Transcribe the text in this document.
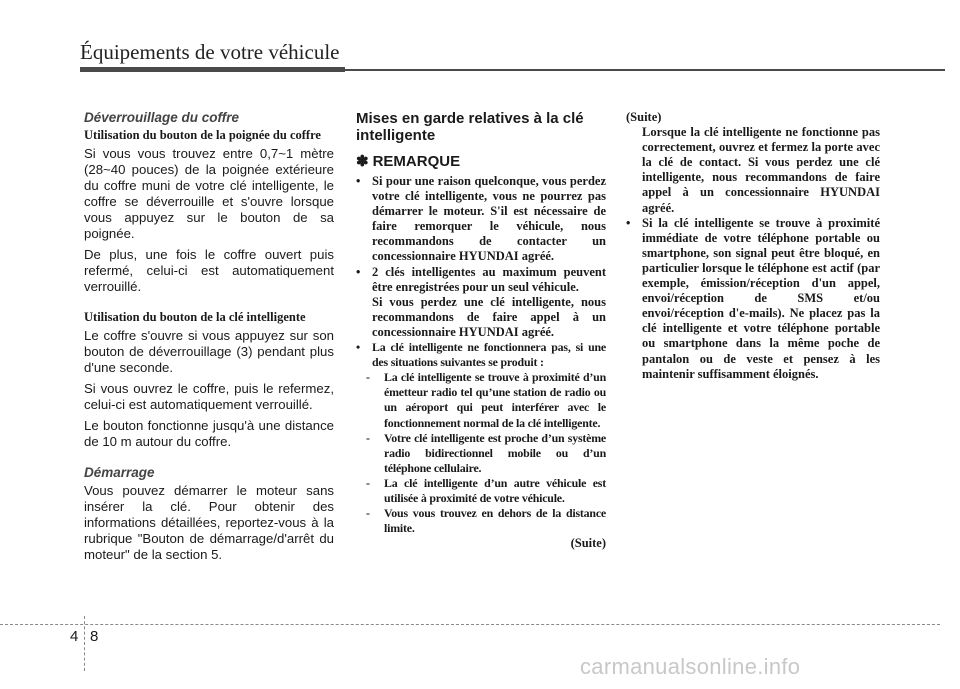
Équipements de votre véhicule
Déverrouillage du coffre
Utilisation du bouton de la poignée du coffre

Si vous vous trouvez entre 0,7~1 mètre (28~40 pouces) de la poignée extérieure du coffre muni de votre clé intelligente, le coffre se déverrouille et s'ouvre lorsque vous appuyez sur le bouton de sa poignée.

De plus, une fois le coffre ouvert puis refermé, celui-ci est automatiquement verrouillé.

Utilisation du bouton de la clé intelligente

Le coffre s'ouvre si vous appuyez sur son bouton de déverrouillage (3) pendant plus d'une seconde.

Si vous ouvrez le coffre, puis le refermez, celui-ci est automatiquement verrouillé.

Le bouton fonctionne jusqu'à une distance de 10 m autour du coffre.

Démarrage

Vous pouvez démarrer le moteur sans insérer la clé. Pour obtenir des informations détaillées, reportez-vous à la rubrique "Bouton de démarrage/d'arrêt du moteur" de la section 5.

Mises en garde relatives à la clé intelligente
✽ REMARQUE

• Si pour une raison quelconque, vous perdez votre clé intelligente, vous ne pourrez pas démarrer le moteur. S'il est nécessaire de faire remorquer le véhicule, nous recommandons de contacter un concessionnaire HYUNDAI agréé.

• 2 clés intelligentes au maximum peuvent être enregistrées pour un seul véhicule.

Si vous perdez une clé intelligente, nous recommandons de faire appel à un concessionnaire HYUNDAI agréé.

• La clé intelligente ne fonctionnera pas, si une des situations suivantes se produit :

- La clé intelligente se trouve à proximité d’un émetteur radio tel qu’une station de radio ou un aéroport qui peut interférer avec le fonctionnement normal de la clé intelligente.

- Votre clé intelligente est proche d’un système radio bidirectionnel mobile ou d’un téléphone cellulaire.

- La clé intelligente d’un autre véhicule est utilisée à proximité de votre véhicule.

- Vous vous trouvez en dehors de la distance limite.

(Suite)

(Suite)

Lorsque la clé intelligente ne fonctionne pas correctement, ouvrez et fermez la porte avec la clé de contact. Si vous perdez une clé intelligente, nous recommandons de faire appel à un concessionnaire HYUNDAI agréé.

• Si la clé intelligente se trouve à proximité immédiate de votre téléphone portable ou smartphone, son signal peut être bloqué, en particulier lorsque le téléphone est actif (par exemple, émission/réception d'un appel, envoi/réception de SMS et/ou envoi/réception d'e-mails). Ne placez pas la clé intelligente et votre téléphone portable ou smartphone dans la même poche de pantalon ou de veste et pensez à les maintenir suffisamment éloignés.

4 8
carmanualsonline.info
